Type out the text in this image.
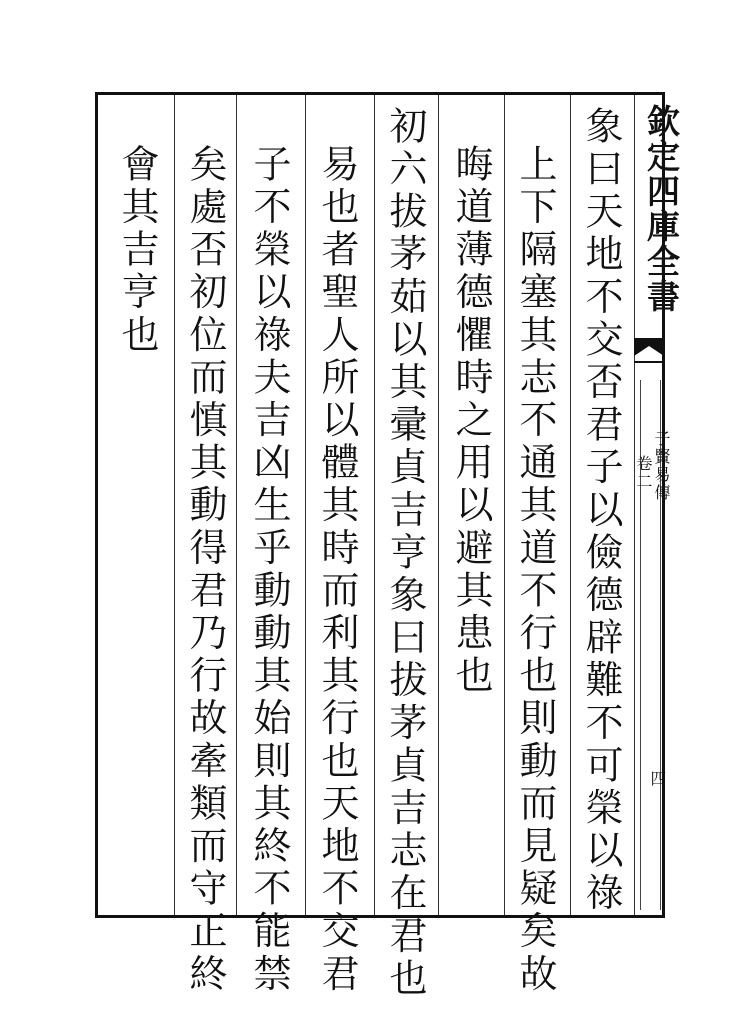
欽定四庫全書
子賢易傳
卷二
四
象曰天地不交否君子以儉德辟難不可榮以祿
上下隔塞其志不通其道不行也則動而見疑矣故
晦道薄德懼時之用以避其患也
初六拔茅茹以其彚貞吉亨象曰拔茅貞吉志在君也
易也者聖人所以體其時而利其行也天地不交君
子不榮以祿夫吉凶生乎動動其始則其終不能禁
矣處否初位而慎其動得君乃行故牽類而守正終
會其吉亨也
